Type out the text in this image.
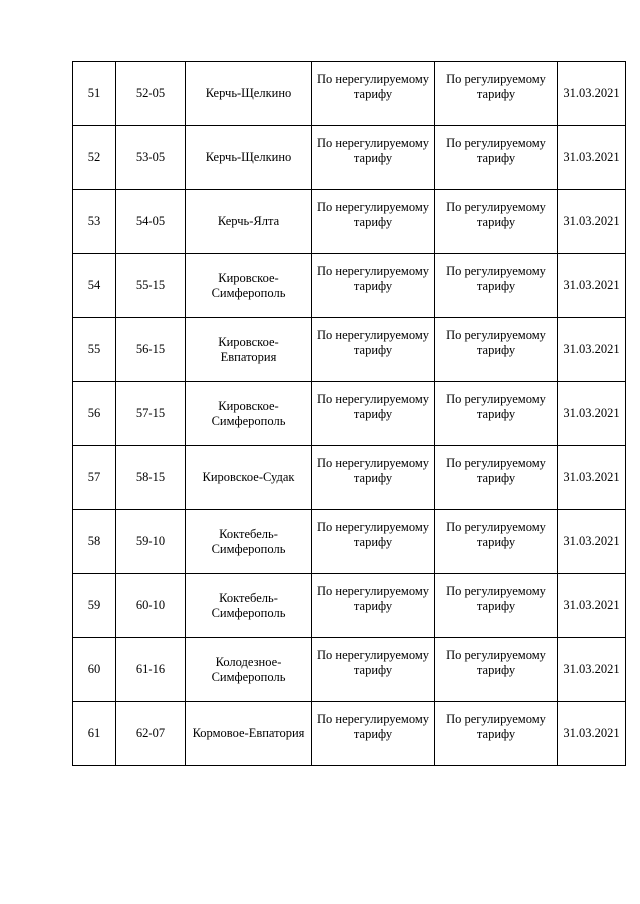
51	52-05	Керчь-Щелкино	По нерегулируемому тарифу	По регулируемому тарифу	31.03.2021
52	53-05	Керчь-Щелкино	По нерегулируемому тарифу	По регулируемому тарифу	31.03.2021
53	54-05	Керчь-Ялта	По нерегулируемому тарифу	По регулируемому тарифу	31.03.2021
54	55-15	Кировское-Симферополь	По нерегулируемому тарифу	По регулируемому тарифу	31.03.2021
55	56-15	Кировское-Евпатория	По нерегулируемому тарифу	По регулируемому тарифу	31.03.2021
56	57-15	Кировское-Симферополь	По нерегулируемому тарифу	По регулируемому тарифу	31.03.2021
57	58-15	Кировское-Судак	По нерегулируемому тарифу	По регулируемому тарифу	31.03.2021
58	59-10	Коктебель-Симферополь	По нерегулируемому тарифу	По регулируемому тарифу	31.03.2021
59	60-10	Коктебель-Симферополь	По нерегулируемому тарифу	По регулируемому тарифу	31.03.2021
60	61-16	Колодезное-Симферополь	По нерегулируемому тарифу	По регулируемому тарифу	31.03.2021
61	62-07	Кормовое-Евпатория	По нерегулируемому тарифу	По регулируемому тарифу	31.03.2021
